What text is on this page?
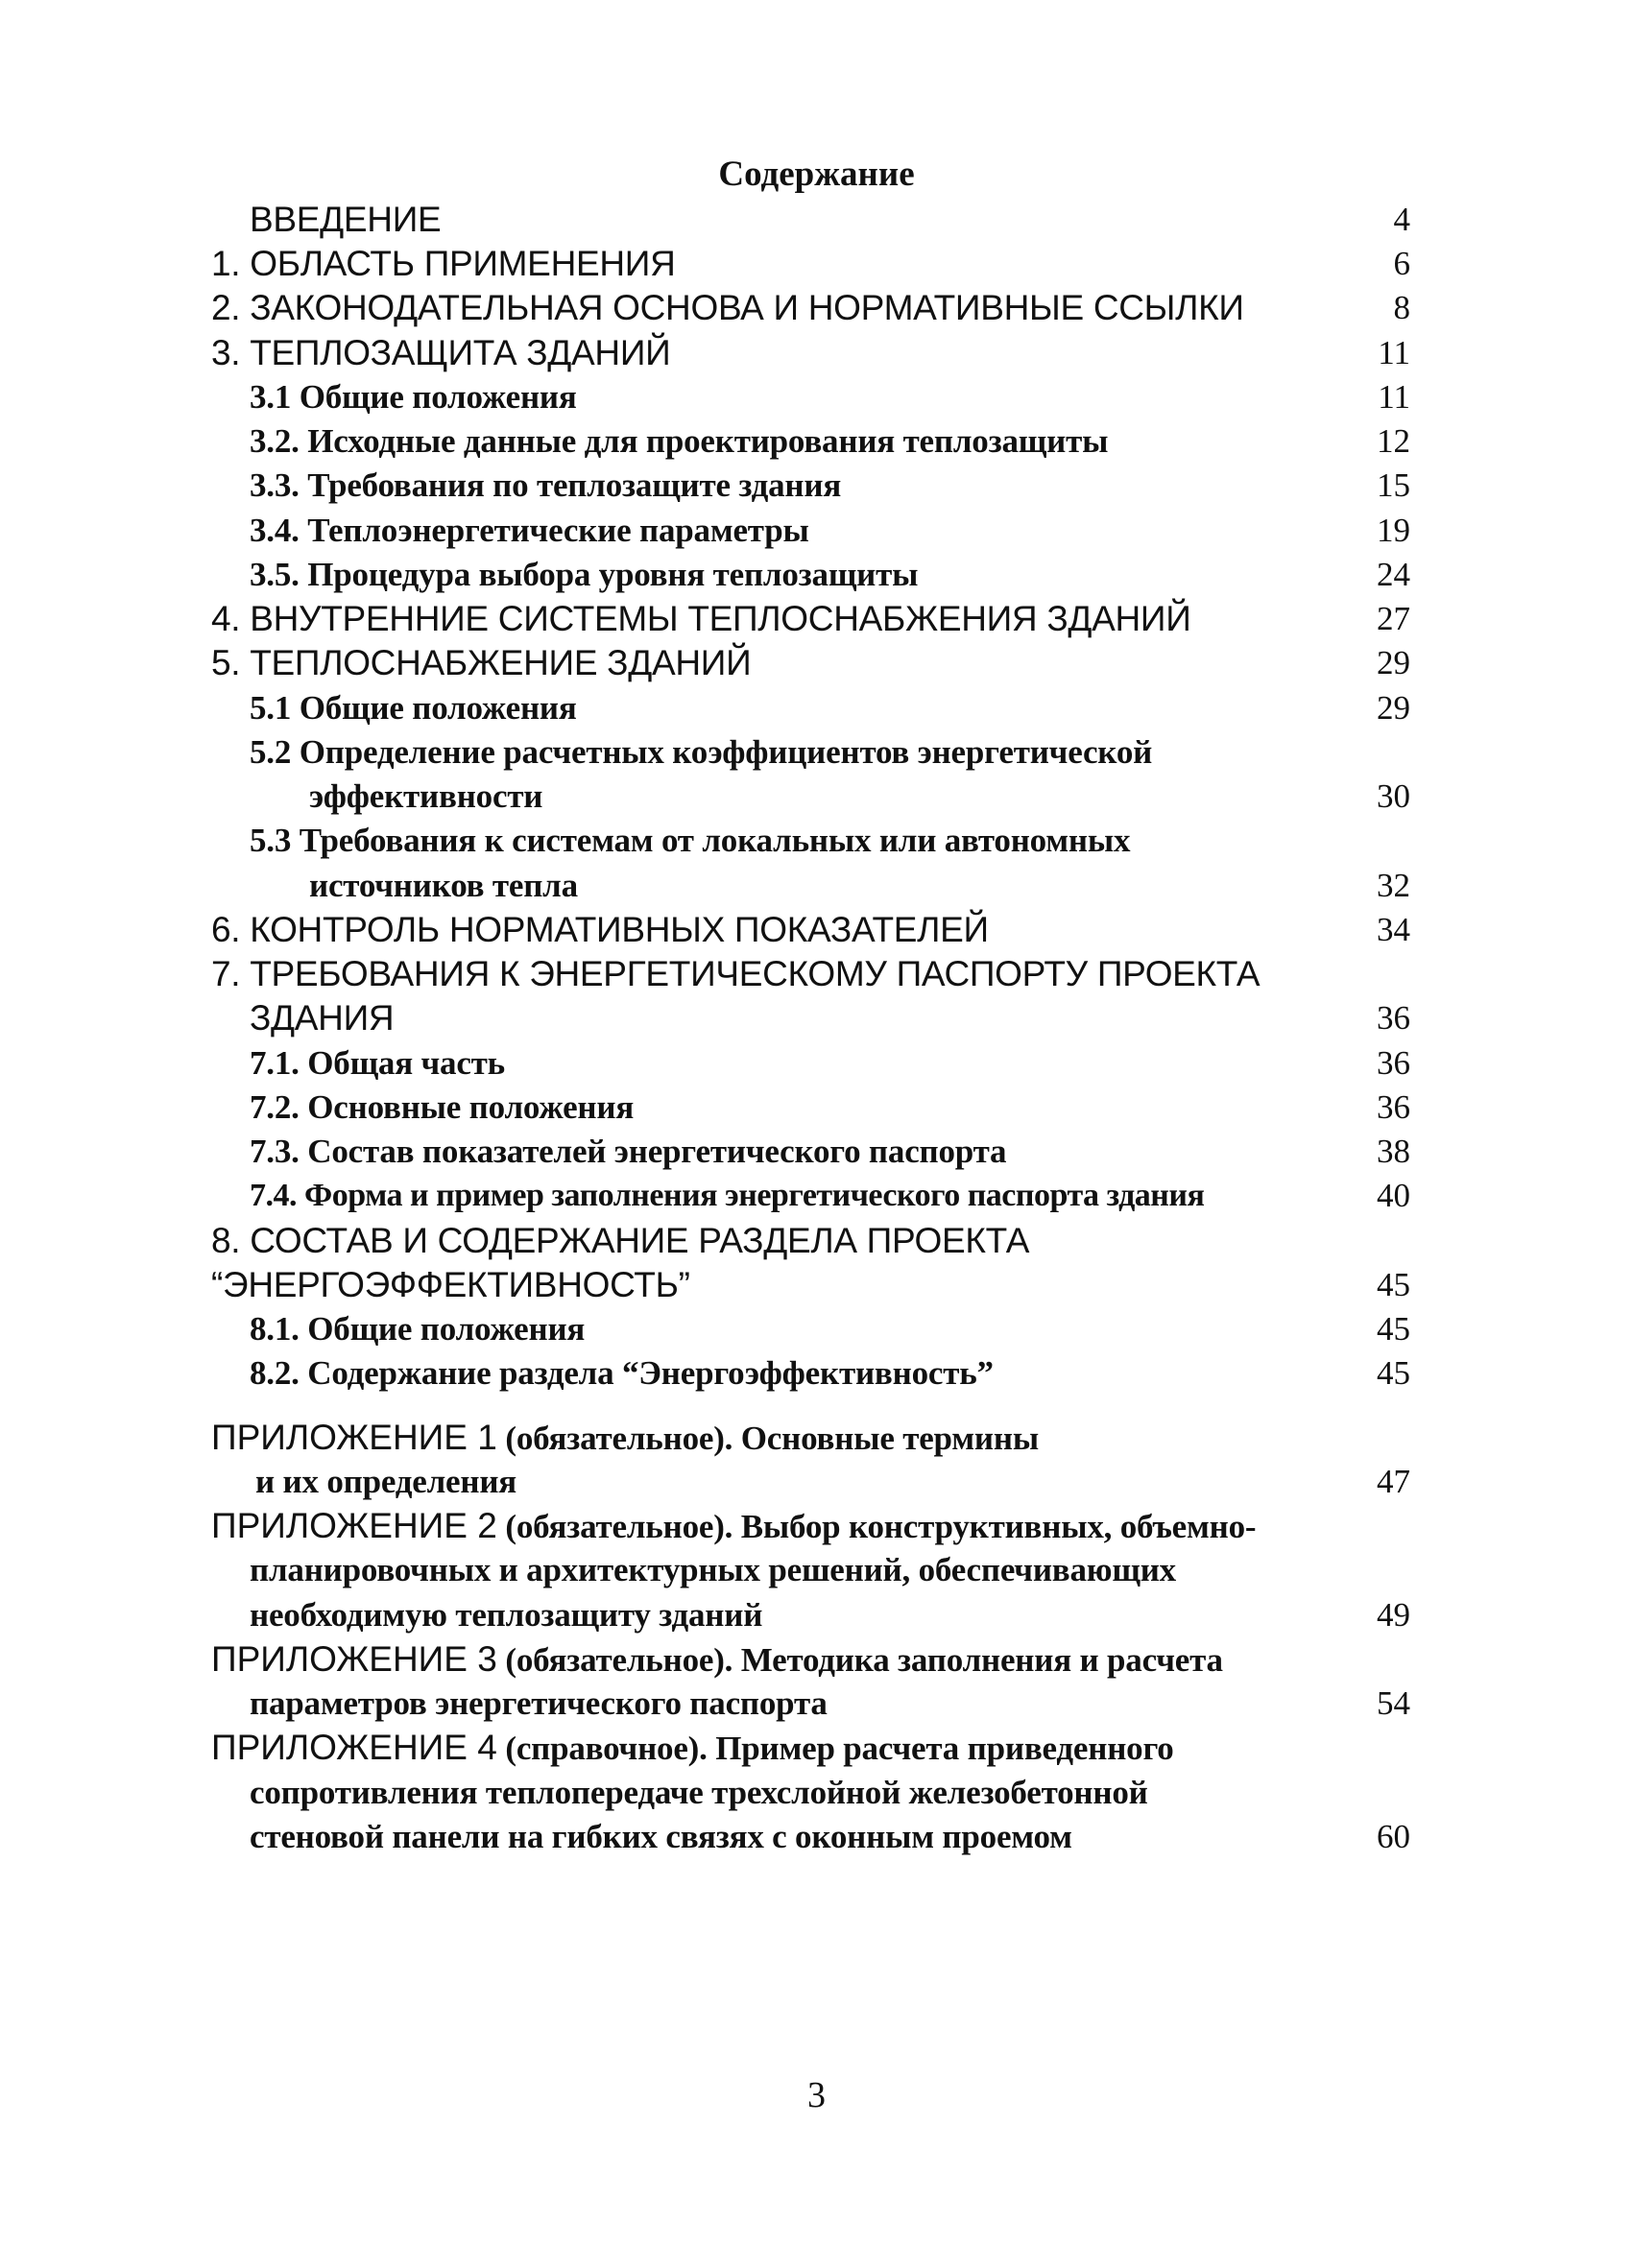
Содержание
ВВЕДЕНИЕ	4
1. ОБЛАСТЬ ПРИМЕНЕНИЯ	6
2. ЗАКОНОДАТЕЛЬНАЯ ОСНОВА И НОРМАТИВНЫЕ ССЫЛКИ	8
3. ТЕПЛОЗАЩИТА ЗДАНИЙ	11
3.1 Общие положения	11
3.2. Исходные данные для проектирования теплозащиты	12
3.3. Требования по теплозащите здания	15
3.4. Теплоэнергетические параметры	19
3.5. Процедура выбора уровня теплозащиты	24
4. ВНУТРЕННИЕ СИСТЕМЫ ТЕПЛОСНАБЖЕНИЯ ЗДАНИЙ	27
5. ТЕПЛОСНАБЖЕНИЕ ЗДАНИЙ	29
5.1 Общие положения	29
5.2 Определение расчетных коэффициентов энергетической
эффективности	30
5.3 Требования к системам от локальных или автономных
источников тепла	32
6. КОНТРОЛЬ НОРМАТИВНЫХ ПОКАЗАТЕЛЕЙ	34
7. ТРЕБОВАНИЯ К ЭНЕРГЕТИЧЕСКОМУ ПАСПОРТУ ПРОЕКТА
ЗДАНИЯ	36
7.1. Общая часть	36
7.2. Основные положения	36
7.3. Состав показателей энергетического паспорта	38
7.4. Форма и пример заполнения энергетического паспорта здания	40
8. СОСТАВ И СОДЕРЖАНИЕ РАЗДЕЛА ПРОЕКТА
“ЭНЕРГОЭФФЕКТИВНОСТЬ”	45
8.1. Общие положения	45
8.2. Содержание раздела “Энергоэффективность”	45
ПРИЛОЖЕНИЕ 1 (обязательное). Основные термины
и их определения	47
ПРИЛОЖЕНИЕ 2 (обязательное). Выбор конструктивных, объемно-
планировочных и архитектурных решений, обеспечивающих
необходимую теплозащиту зданий	49
ПРИЛОЖЕНИЕ 3 (обязательное). Методика заполнения и расчета
параметров энергетического паспорта	54
ПРИЛОЖЕНИЕ 4 (справочное). Пример расчета приведенного
сопротивления теплопередаче трехслойной железобетонной
стеновой панели на гибких связях с оконным проемом	60
3
